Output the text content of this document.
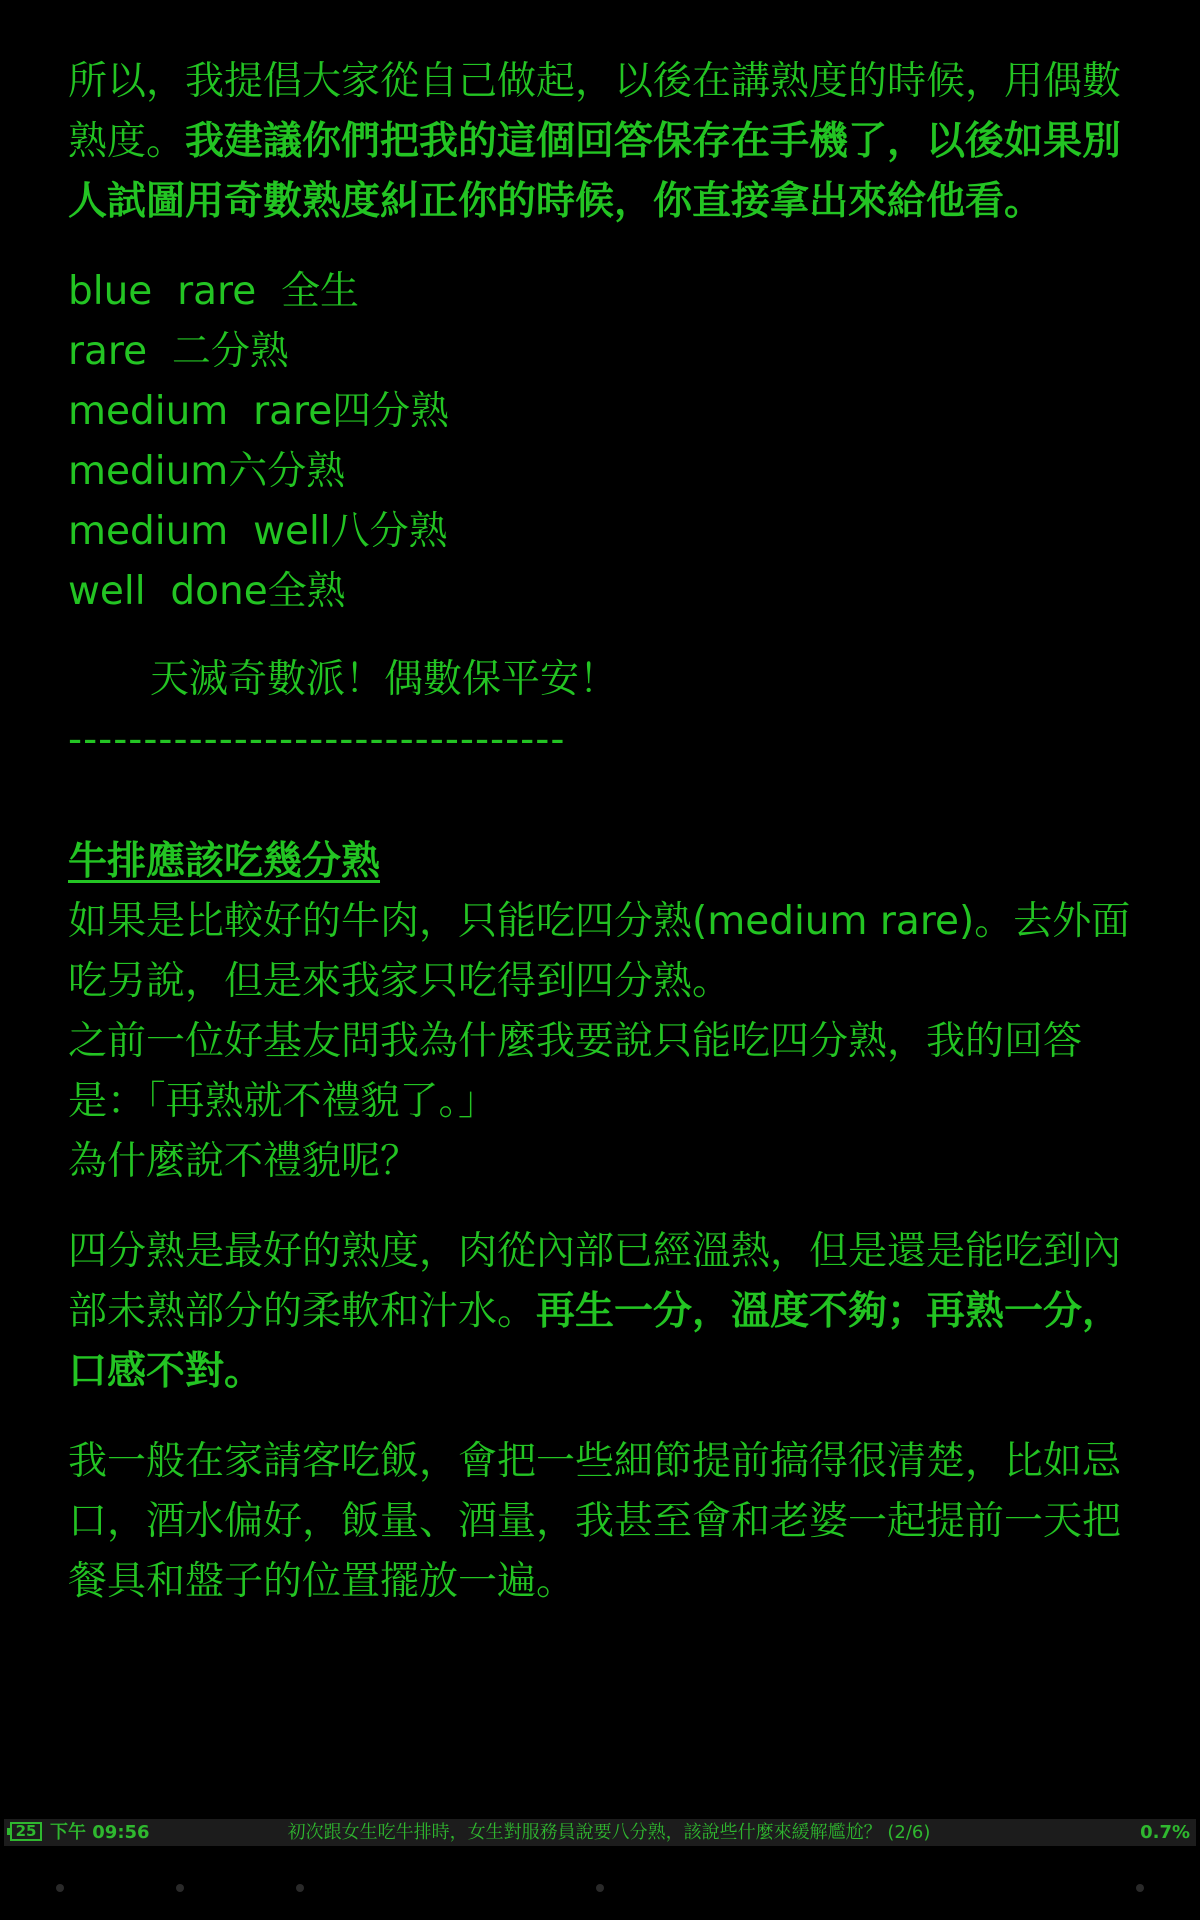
所以，我提倡大家從自己做起，以後在講熟度的時候，用偶數熟度。我建議你們把我的這個回答保存在手機了，以後如果別人試圖用奇數熟度糾正你的時候，你直接拿出來給他看。

blue  rare  全生
rare  二分熟
medium  rare四分熟
medium六分熟
medium  well八分熟
well  done全熟
天滅奇數派！偶數保平安！
---------------------------------
牛排應該吃幾分熟
如果是比較好的牛肉，只能吃四分熟(medium rare)。去外面吃另說，但是來我家只吃得到四分熟。
之前一位好基友問我為什麼我要說只能吃四分熟，我的回答是：「再熟就不禮貌了。」
為什麼說不禮貌呢？

四分熟是最好的熟度，肉從內部已經溫熱，但是還是能吃到內部未熟部分的柔軟和汁水。再生一分，溫度不夠；再熟一分，口感不對。

我一般在家請客吃飯，會把一些細節提前搞得很清楚，比如忌口，酒水偏好，飯量、酒量，我甚至會和老婆一起提前一天把餐具和盤子的位置擺放一遍。

25 下午 09:56	初次跟女生吃牛排時，女生對服務員說要八分熟，該說些什麼來緩解尷尬？ (2/6)	0.7%
